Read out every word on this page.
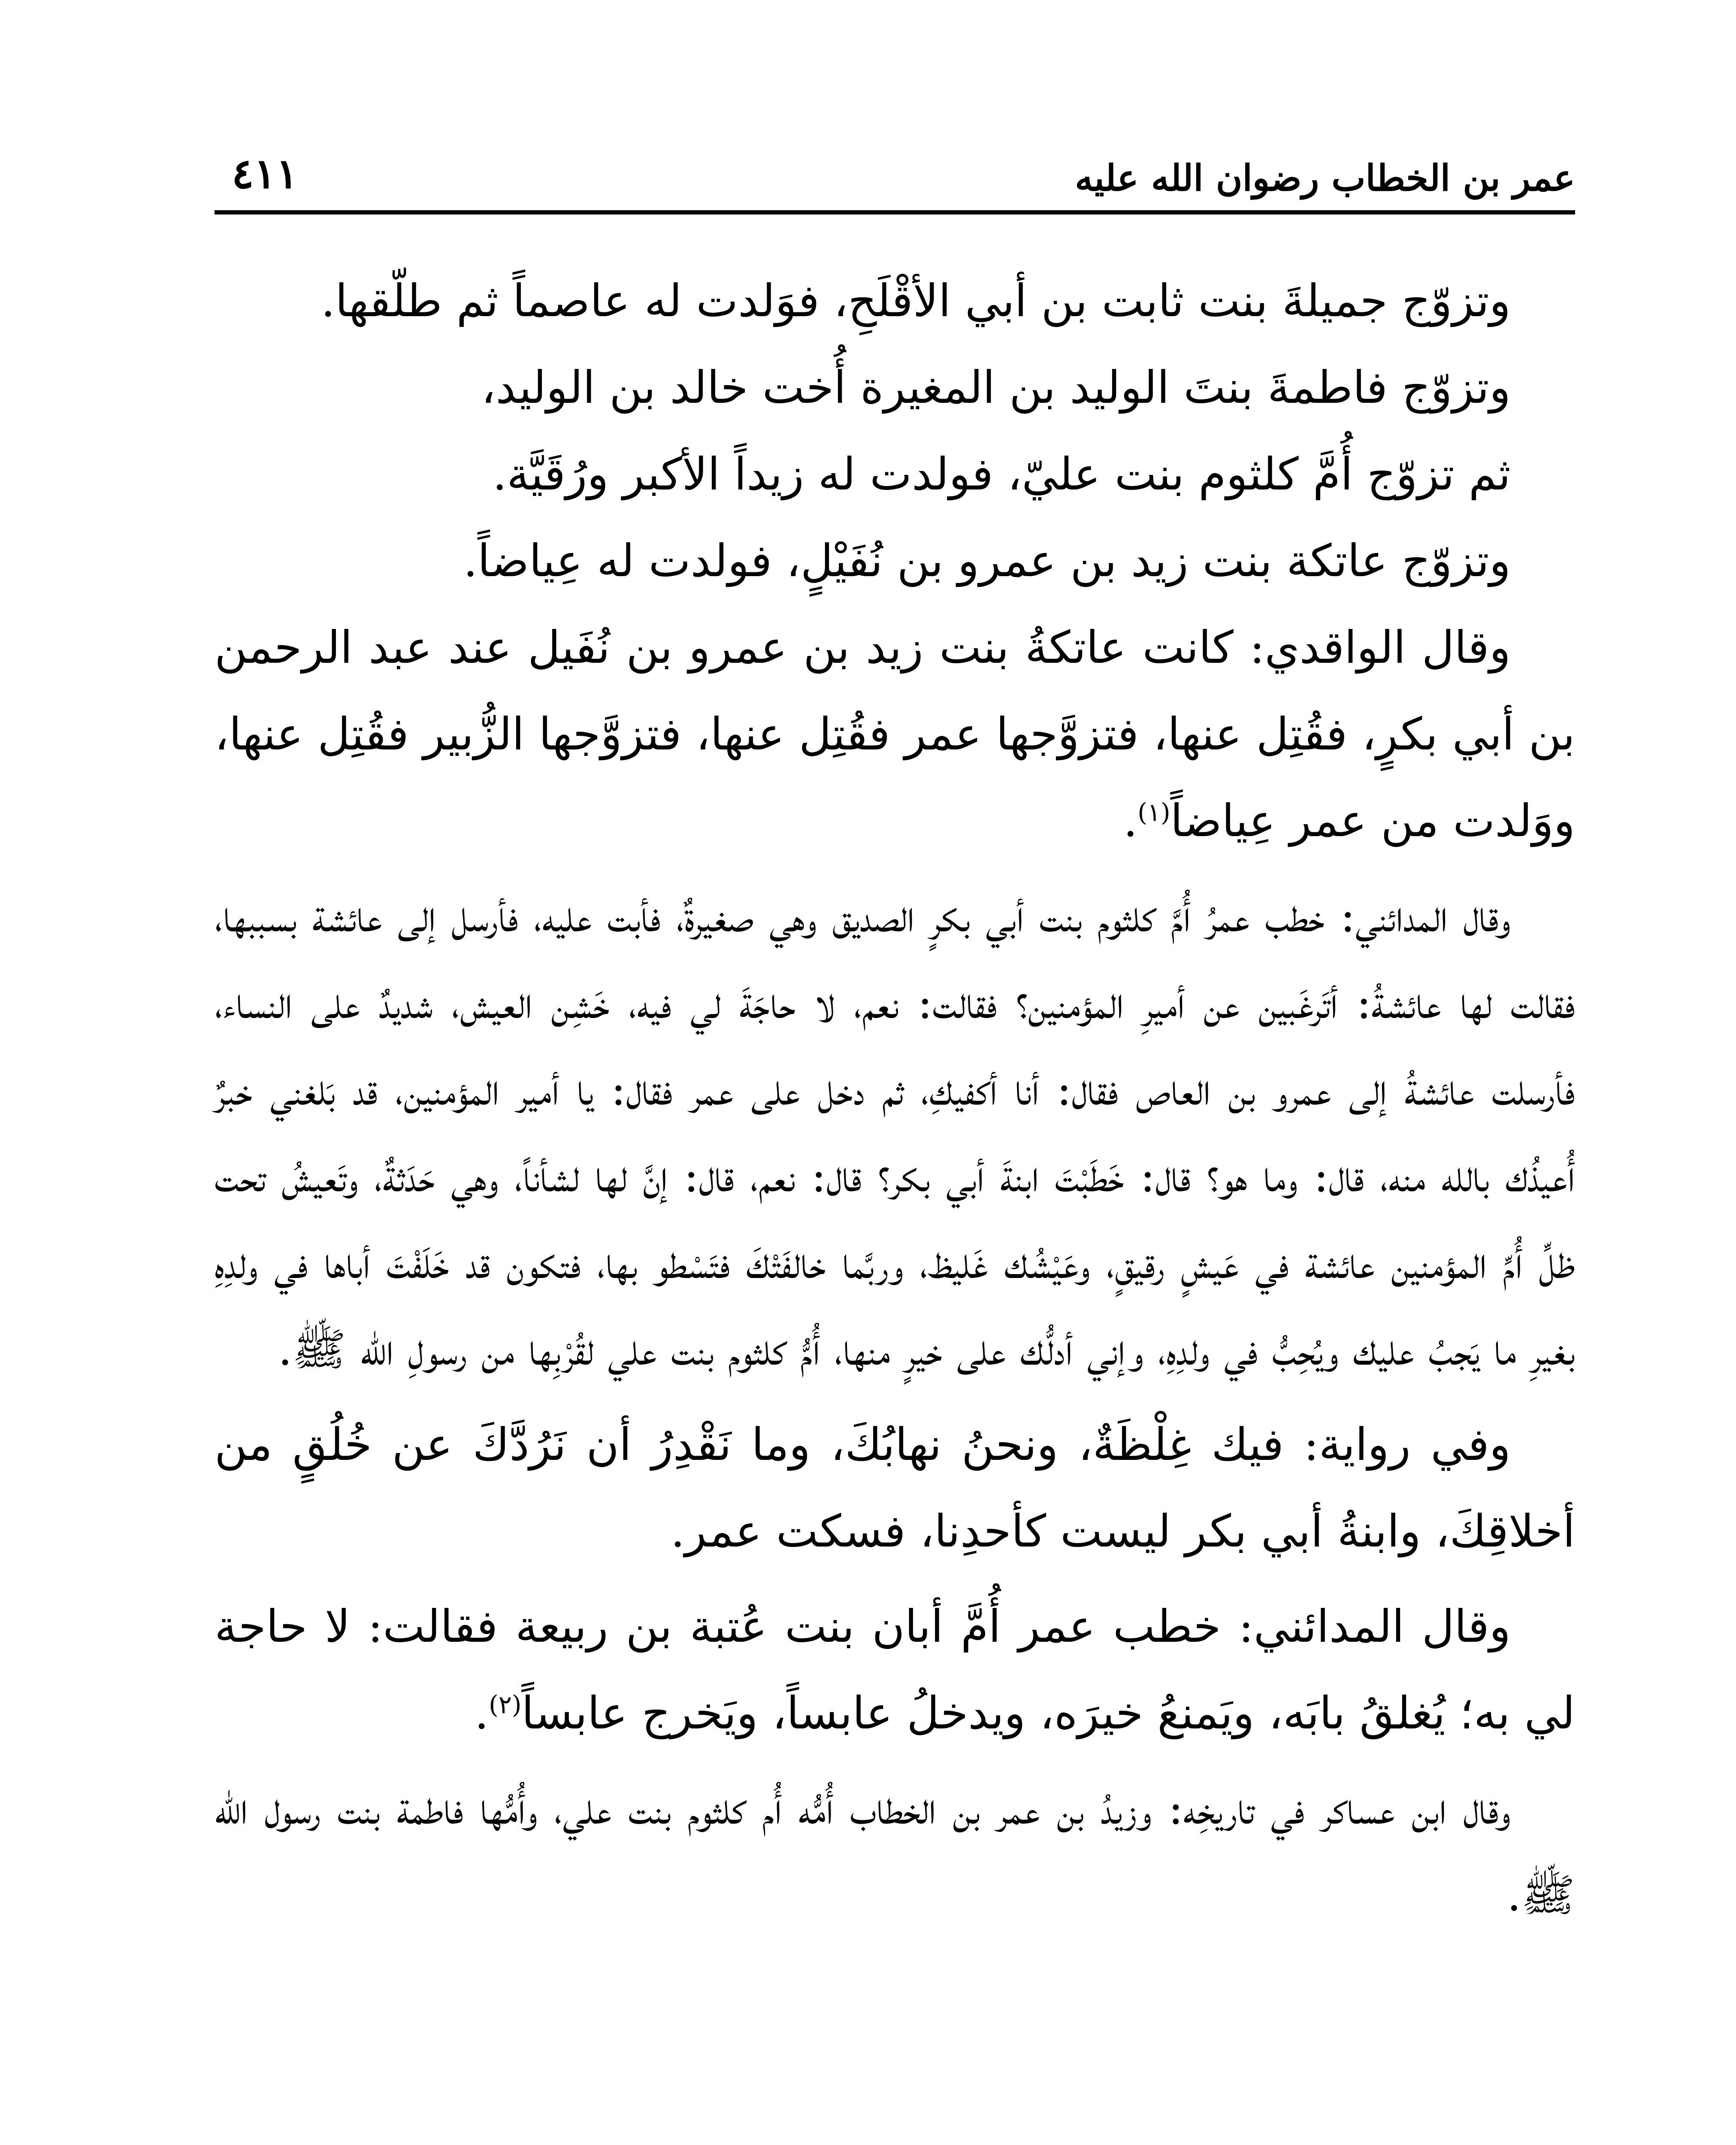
عمر بن الخطاب رضوان الله عليه
٤١١

وتزوّج جميلةَ بنت ثابت بن أبي الأقْلَحِ، فوَلدت له عاصماً ثم طلّقها.

وتزوّج فاطمةَ بنتَ الوليد بن المغيرة أُخت خالد بن الوليد،

ثم تزوّج أُمَّ كلثوم بنت عليّ، فولدت له زيداً الأكبر ورُقَيَّة.

وتزوّج عاتكة بنت زيد بن عمرو بن نُفَيْلٍ، فولدت له عِياضاً.

وقال الواقدي: كانت عاتكةُ بنت زيد بن عمرو بن نُفَيل عند عبد الرحمن بن أبي بكرٍ، فقُتِل عنها، فتزوَّجها عمر فقُتِل عنها، فتزوَّجها الزُّبير فقُتِل عنها، ووَلدت من عمر عِياضاً$^{(١)}$.

وقال المدائني: خطب عمرُ أُمَّ كلثوم بنت أبي بكرٍ الصديق وهي صغيرةٌ، فأبت عليه، فأرسل إلى عائشة بسببها، فقالت لها عائشةُ: أتَرغَبين عن أميرِ المؤمنين؟ فقالت: نعم، لا حاجَةَ لي فيه، خَشِن العيش، شديدٌ على النساء، فأرسلت عائشةُ إلى عمرو بن العاص فقال: أنا أكفيكِ، ثم دخل على عمر فقال: يا أمير المؤمنين، قد بَلغني خبرٌ أُعيذُك بالله منه، قال: وما هو؟ قال: خَطَبْتَ ابنةَ أبي بكر؟ قال: نعم، قال: إنَّ لها لشأناً، وهي حَدَثةٌ، وتَعيشُ تحت ظلِّ أُمِّ المؤمنين عائشة في عَيشٍ رقيقٍ، وعَيْشُك غَليظ، وربَّما خالفَتْكَ فتَسْطو بها، فتكون قد خَلَفْتَ أباها في ولدِهِ بغيرِ ما يَجبُ عليك ويُحِبُّ في ولدِهِ، وإني أدلُّك على خيرٍ منها، أُمُّ كلثوم بنت علي لقُرْبِها من رسولِ الله ﷺ.

وفي رواية: فيك غِلْظَةٌ، ونحنُ نهابُكَ، وما نَقْدِرُ أن نَرُدَّكَ عن خُلُقٍ من أخلاقِكَ، وابنةُ أبي بكر ليست كأحدِنا، فسكت عمر.

وقال المدائني: خطب عمر أُمَّ أبان بنت عُتبة بن ربيعة فقالت: لا حاجة لي به؛ يُغلقُ بابَه، ويَمنعُ خيرَه، ويدخلُ عابساً، ويَخرج عابساً$^{(٢)}$.

وقال ابن عساكر في تاريخِه: وزيدُ بن عمر بن الخطاب أُمُّه أُم كلثوم بنت علي، وأُمُّها فاطمة بنت رسول الله ﷺ.
